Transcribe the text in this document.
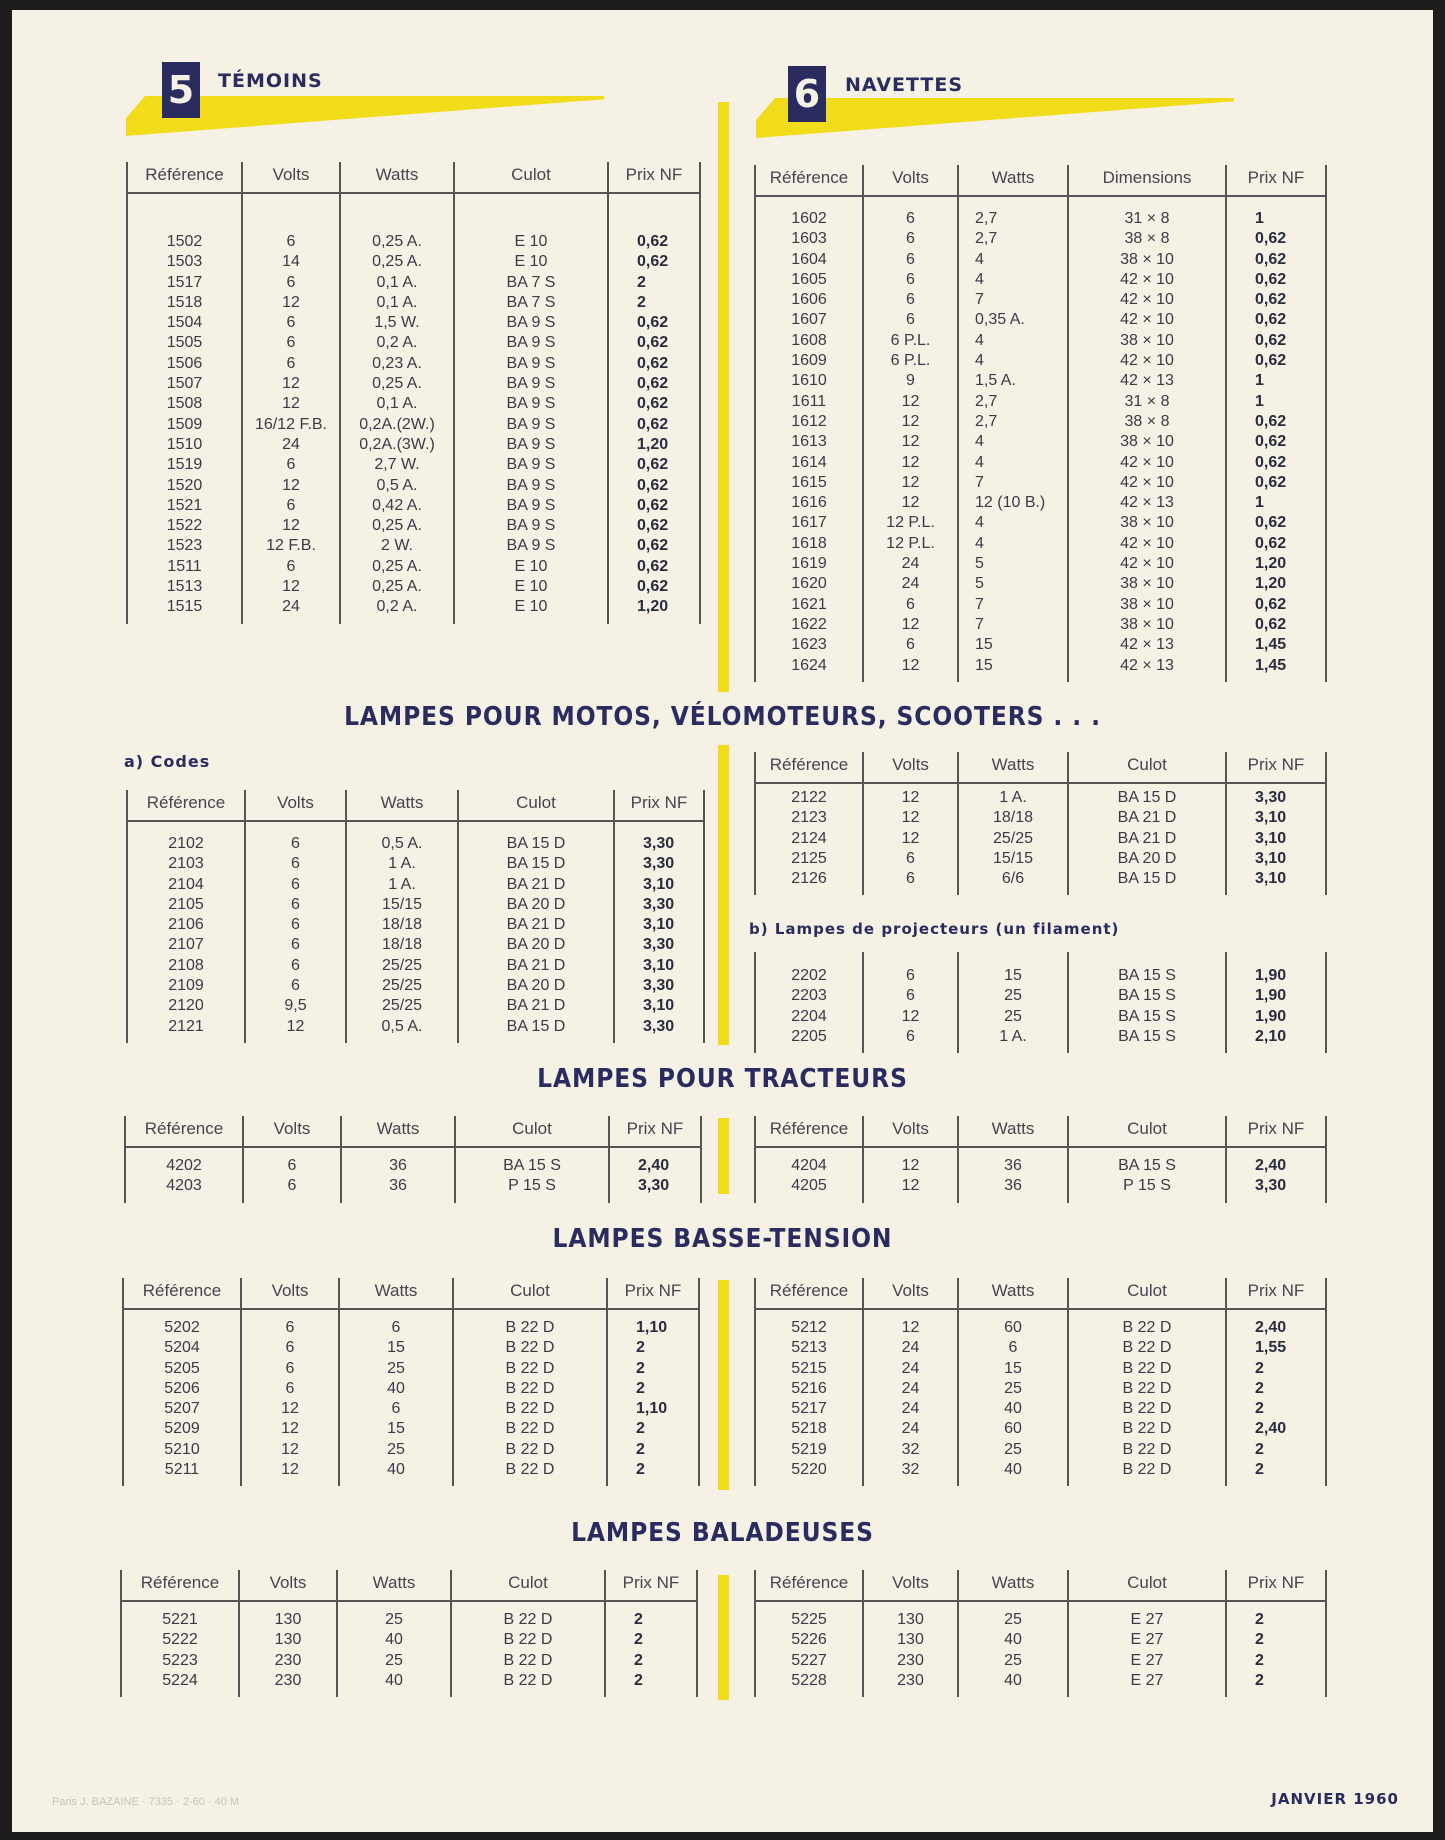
5	TÉMOINS	6	NAVETTES
Référence	Volts	Watts	Culot	Prix NF

1502	6	0,25 A.	E 10	0,62
1503	14	0,25 A.	E 10	0,62
1517	6	0,1 A.	BA 7 S	2
1518	12	0,1 A.	BA 7 S	2
1504	6	1,5 W.	BA 9 S	0,62
1505	6	0,2 A.	BA 9 S	0,62
1506	6	0,23 A.	BA 9 S	0,62
1507	12	0,25 A.	BA 9 S	0,62
1508	12	0,1 A.	BA 9 S	0,62
1509	16/12 F.B.	0,2A.(2W.)	BA 9 S	0,62
1510	24	0,2A.(3W.)	BA 9 S	1,20
1519	6	2,7 W.	BA 9 S	0,62
1520	12	0,5 A.	BA 9 S	0,62
1521	6	0,42 A.	BA 9 S	0,62
1522	12	0,25 A.	BA 9 S	0,62
1523	12 F.B.	2 W.	BA 9 S	0,62
1511	6	0,25 A.	E 10	0,62
1513	12	0,25 A.	E 10	0,62
1515	24	0,2 A.	E 10	1,20

Référence	Volts	Watts	Dimensions	Prix NF

1602	6	2,7	31 × 8	1
1603	6	2,7	38 × 8	0,62
1604	6	4	38 × 10	0,62
1605	6	4	42 × 10	0,62
1606	6	7	42 × 10	0,62
1607	6	0,35 A.	42 × 10	0,62
1608	6 P.L.	4	38 × 10	0,62
1609	6 P.L.	4	42 × 10	0,62
1610	9	1,5 A.	42 × 13	1
1611	12	2,7	31 × 8	1
1612	12	2,7	38 × 8	0,62
1613	12	4	38 × 10	0,62
1614	12	4	42 × 10	0,62
1615	12	7	42 × 10	0,62
1616	12	12 (10 B.)	42 × 13	1
1617	12 P.L.	4	38 × 10	0,62
1618	12 P.L.	4	42 × 10	0,62
1619	24	5	42 × 10	1,20
1620	24	5	38 × 10	1,20
1621	6	7	38 × 10	0,62
1622	12	7	38 × 10	0,62
1623	6	15	42 × 13	1,45
1624	12	15	42 × 13	1,45

LAMPES POUR MOTOS, VÉLOMOTEURS, SCOOTERS . . .
a) Codes
Référence	Volts	Watts	Culot	Prix NF

2102	6	0,5 A.	BA 15 D	3,30
2103	6	1 A.	BA 15 D	3,30
2104	6	1 A.	BA 21 D	3,10
2105	6	15/15	BA 20 D	3,30
2106	6	18/18	BA 21 D	3,10
2107	6	18/18	BA 20 D	3,30
2108	6	25/25	BA 21 D	3,10
2109	6	25/25	BA 20 D	3,30
2120	9,5	25/25	BA 21 D	3,10
2121	12	0,5 A.	BA 15 D	3,30

Référence	Volts	Watts	Culot	Prix NF

2122	12	1 A.	BA 15 D	3,30
2123	12	18/18	BA 21 D	3,10
2124	12	25/25	BA 21 D	3,10
2125	6	15/15	BA 20 D	3,10
2126	6	6/6	BA 15 D	3,10

b) Lampes de projecteurs (un filament)

2202	6	15	BA 15 S	1,90
2203	6	25	BA 15 S	1,90
2204	12	25	BA 15 S	1,90
2205	6	1 A.	BA 15 S	2,10

LAMPES POUR TRACTEURS
Référence	Volts	Watts	Culot	Prix NF

4202	6	36	BA 15 S	2,40
4203	6	36	P 15 S	3,30

Référence	Volts	Watts	Culot	Prix NF

4204	12	36	BA 15 S	2,40
4205	12	36	P 15 S	3,30

LAMPES BASSE-TENSION
Référence	Volts	Watts	Culot	Prix NF

5202	6	6	B 22 D	1,10
5204	6	15	B 22 D	2
5205	6	25	B 22 D	2
5206	6	40	B 22 D	2
5207	12	6	B 22 D	1,10
5209	12	15	B 22 D	2
5210	12	25	B 22 D	2
5211	12	40	B 22 D	2

Référence	Volts	Watts	Culot	Prix NF

5212	12	60	B 22 D	2,40
5213	24	6	B 22 D	1,55
5215	24	15	B 22 D	2
5216	24	25	B 22 D	2
5217	24	40	B 22 D	2
5218	24	60	B 22 D	2,40
5219	32	25	B 22 D	2
5220	32	40	B 22 D	2

LAMPES BALADEUSES
Référence	Volts	Watts	Culot	Prix NF

5221	130	25	B 22 D	2
5222	130	40	B 22 D	2
5223	230	25	B 22 D	2
5224	230	40	B 22 D	2

Référence	Volts	Watts	Culot	Prix NF

5225	130	25	E 27	2
5226	130	40	E 27	2
5227	230	25	E 27	2
5228	230	40	E 27	2

Paris J. BAZAINE · 7335 · 2-60 · 40 M	JANVIER 1960
